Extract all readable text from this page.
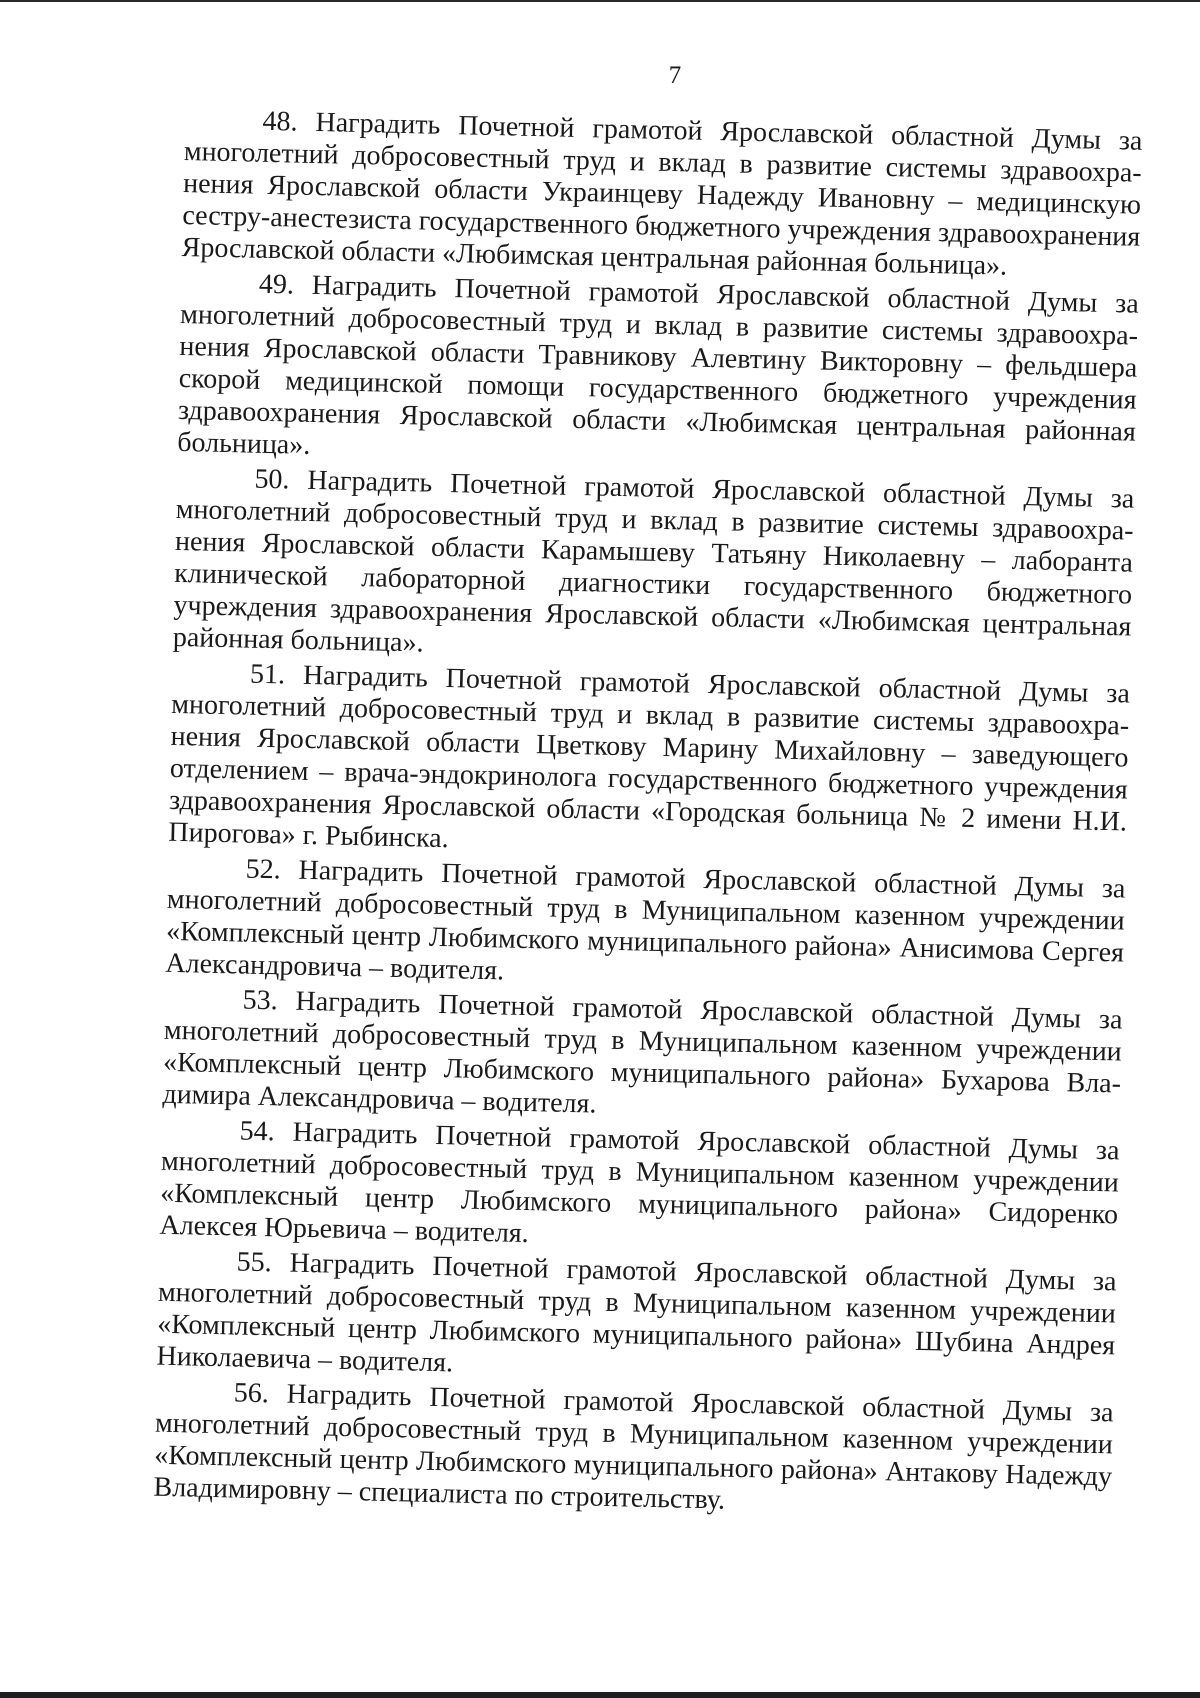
7

48. Наградить Почетной грамотой Ярославской областной Думы за многолетний добросовестный труд и вклад в развитие системы здравоохранения Ярославской области Украинцеву Надежду Ивановну – медицинскую сестру-анестезиста государственного бюджетного учреждения здравоохранения Ярославской области «Любимская центральная районная больница».

49. Наградить Почетной грамотой Ярославской областной Думы за многолетний добросовестный труд и вклад в развитие системы здравоохранения Ярославской области Травникову Алевтину Викторовну – фельдшера скорой медицинской помощи государственного бюджетного учреждения здравоохранения Ярославской области «Любимская центральная районная больница».

50. Наградить Почетной грамотой Ярославской областной Думы за многолетний добросовестный труд и вклад в развитие системы здравоохранения Ярославской области Карамышеву Татьяну Николаевну – лаборанта клинической лабораторной диагностики государственного бюджетного учреждения здравоохранения Ярославской области «Любимская центральная районная больница».

51. Наградить Почетной грамотой Ярославской областной Думы за многолетний добросовестный труд и вклад в развитие системы здравоохранения Ярославской области Цветкову Марину Михайловну – заведующего отделением – врача-эндокринолога государственного бюджетного учреждения здравоохранения Ярославской области «Городская больница № 2 имени Н.И. Пирогова» г. Рыбинска.

52. Наградить Почетной грамотой Ярославской областной Думы за многолетний добросовестный труд в Муниципальном казенном учреждении «Комплексный центр Любимского муниципального района» Анисимова Сергея Александровича – водителя.

53. Наградить Почетной грамотой Ярославской областной Думы за многолетний добросовестный труд в Муниципальном казенном учреждении «Комплексный центр Любимского муниципального района» Бухарова Владимира Александровича – водителя.

54. Наградить Почетной грамотой Ярославской областной Думы за многолетний добросовестный труд в Муниципальном казенном учреждении «Комплексный центр Любимского муниципального района» Сидоренко Алексея Юрьевича – водителя.

55. Наградить Почетной грамотой Ярославской областной Думы за многолетний добросовестный труд в Муниципальном казенном учреждении «Комплексный центр Любимского муниципального района» Шубина Андрея Николаевича – водителя.

56. Наградить Почетной грамотой Ярославской областной Думы за многолетний добросовестный труд в Муниципальном казенном учреждении «Комплексный центр Любимского муниципального района» Антакову Надежду Владимировну – специалиста по строительству.
